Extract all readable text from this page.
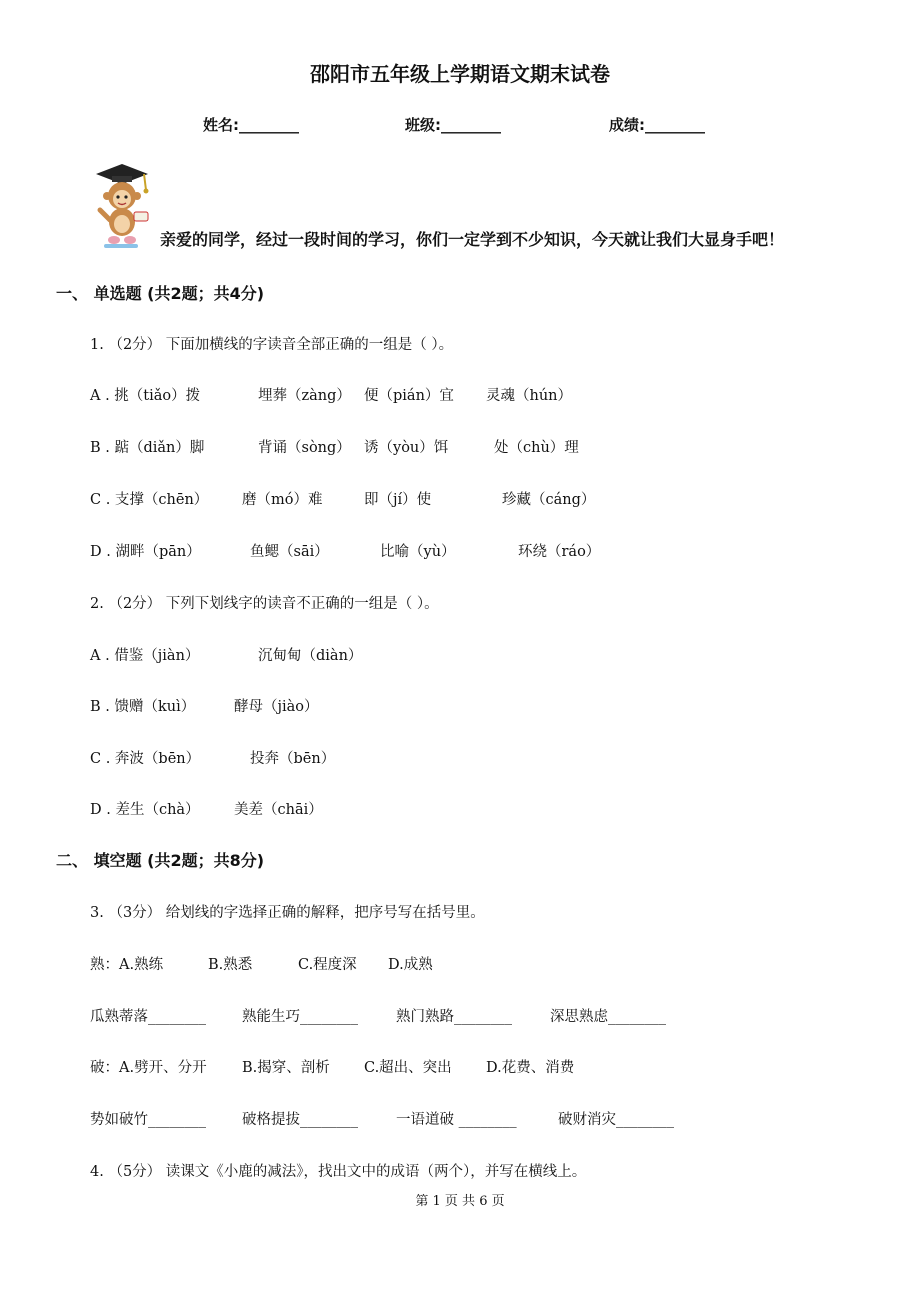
邵阳市五年级上学期语文期末试卷
姓名:________	班级:________	成绩:________
亲爱的同学，经过一段时间的学习，你们一定学到不少知识，今天就让我们大显身手吧！
一、 单选题 (共2题；共4分)
1. （2分） 下面加横线的字读音全部正确的一组是（ ）。
A . 挑（tiǎo）拨	埋葬（zàng） 便（pián）宜 灵魂（hún）
B . 踮（diǎn）脚	背诵（sòng） 诱（yòu）饵	处（chù）理
C . 支撑（chēn） 磨（mó）难	即（jí）使	珍藏（cáng）
D . 湖畔（pān）	鱼鳃（sāi）	比喻（yù）	环绕（ráo）
2. （2分） 下列下划线字的读音不正确的一组是（ ）。
A . 借鉴（jiàn）	沉甸甸（diàn）
B . 馈赠（kuì）	酵母（jiào）
C . 奔波（bēn）	投奔（bēn）
D . 差生（chà） 美差（chāi）
二、 填空题 (共2题；共8分)
3. （3分） 给划线的字选择正确的解释，把序号写在括号里。
熟：A.熟练	B.熟悉	C.程度深 D.成熟
瓜熟蒂落________ 熟能生巧________	熟门熟路________	深思熟虑________
破：A.劈开、分开 B.揭穿、剖析 C.超出、突出 D.花费、消费
势如破竹________ 破格提拔________	一语道破 ________	破财消灾________
4. （5分） 读课文《小鹿的减法》，找出文中的成语（两个），并写在横线上。
第 1 页 共 6 页
